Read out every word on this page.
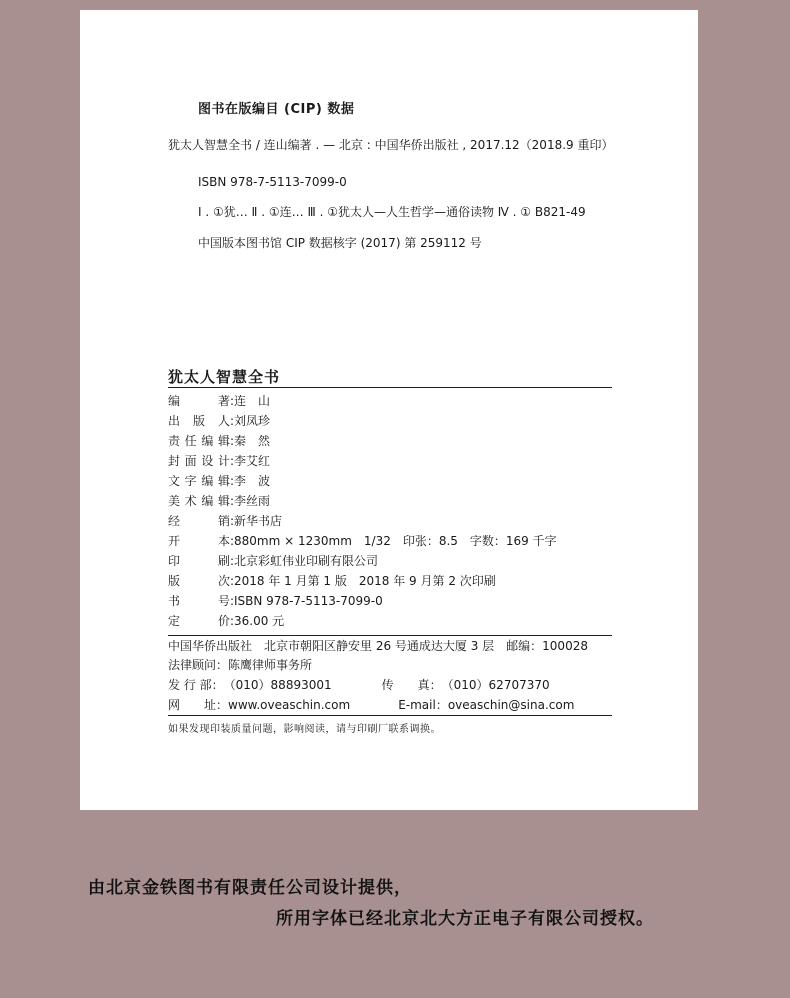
图书在版编目 (CIP) 数据
犹太人智慧全书 / 连山编著 . — 北京 : 中国华侨出版社 , 2017.12（2018.9 重印）
ISBN 978-7-5113-7099-0
Ⅰ . ①犹… Ⅱ . ①连… Ⅲ . ①犹太人—人生哲学—通俗读物 Ⅳ . ① B821-49
中国版本图书馆 CIP 数据核字 (2017) 第 259112 号
犹太人智慧全书
编　　著:连　山
出 版 人:刘凤珍
责任编辑:秦　然
封面设计:李艾红
文字编辑:李　波
美术编辑:李丝雨
经　　销:新华书店
开　　本:880mm × 1230mm　1/32　印张：8.5　字数：169 千字
印　　刷:北京彩虹伟业印刷有限公司
版　　次:2018 年 1 月第 1 版　2018 年 9 月第 2 次印刷
书　　号:ISBN 978-7-5113-7099-0
定　　价:36.00 元
中国华侨出版社　北京市朝阳区静安里 26 号通成达大厦 3 层　邮编：100028
法律顾问：陈鹰律师事务所
发 行 部：（010）88893001	传　　真：（010）62707370
网　　址：www.oveaschin.com	E-mail：oveaschin@sina.com
如果发现印装质量问题，影响阅读，请与印刷厂联系调换。
由北京金铁图书有限责任公司设计提供，
所用字体已经北京北大方正电子有限公司授权。
